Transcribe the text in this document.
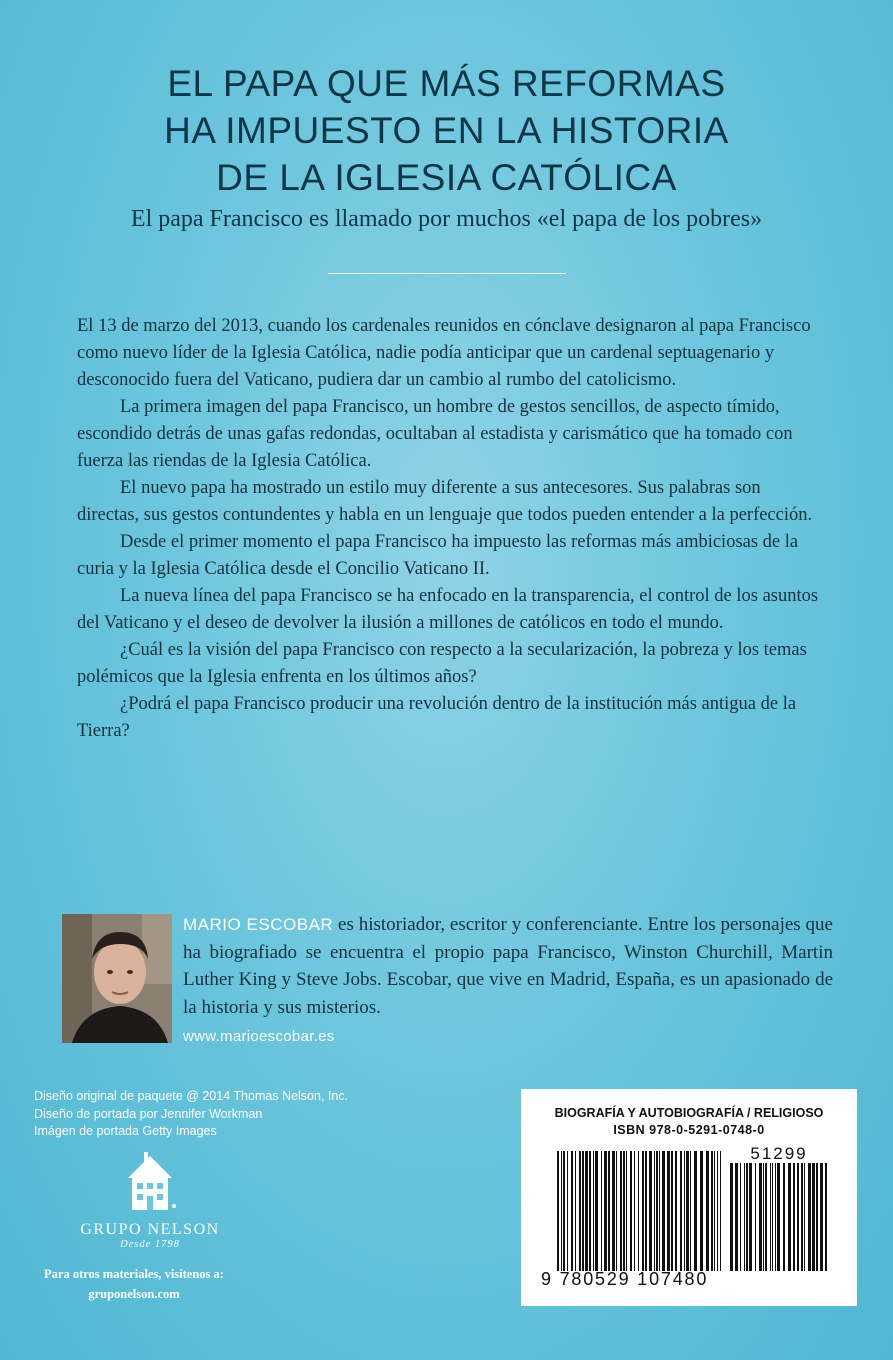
EL PAPA QUE MÁS REFORMAS
HA IMPUESTO EN LA HISTORIA
DE LA IGLESIA CATÓLICA
El papa Francisco es llamado por muchos «el papa de los pobres»

El 13 de marzo del 2013, cuando los cardenales reunidos en cónclave designaron al papa Francisco como nuevo líder de la Iglesia Católica, nadie podía anticipar que un cardenal septuagenario y desconocido fuera del Vaticano, pudiera dar un cambio al rumbo del catolicismo.

La primera imagen del papa Francisco, un hombre de gestos sencillos, de aspecto tímido, escondido detrás de unas gafas redondas, ocultaban al estadista y carismático que ha tomado con fuerza las riendas de la Iglesia Católica.

El nuevo papa ha mostrado un estilo muy diferente a sus antecesores. Sus palabras son directas, sus gestos contundentes y habla en un lenguaje que todos pueden entender a la perfección.

Desde el primer momento el papa Francisco ha impuesto las reformas más ambiciosas de la curia y la Iglesia Católica desde el Concilio Vaticano II.

La nueva línea del papa Francisco se ha enfocado en la transparencia, el control de los asuntos del Vaticano y el deseo de devolver la ilusión a millones de católicos en todo el mundo.

¿Cuál es la visión del papa Francisco con respecto a la secularización, la pobreza y los temas polémicos que la Iglesia enfrenta en los últimos años?

¿Podrá el papa Francisco producir una revolución dentro de la institución más antigua de la Tierra?

MARIO ESCOBAR es historiador, escritor y conferenciante. Entre los personajes que ha biografiado se encuentra el propio papa Francisco, Winston Churchill, Martin Luther King y Steve Jobs. Escobar, que vive en Madrid, España, es un apasionado de la historia y sus misterios.
www.marioescobar.es
Diseño original de paquete @ 2014 Thomas Nelson, Inc.
Diseño de portada por Jennifer Workman
Imágen de portada Getty Images
GRUPO NELSON
Desde 1798
Para otros materiales, visítenos a:
gruponelson.com
BIOGRAFÍA Y AUTOBIOGRAFÍA / RELIGIOSO
ISBN 978-0-5291-0748-0
51299
9 780529 107480
